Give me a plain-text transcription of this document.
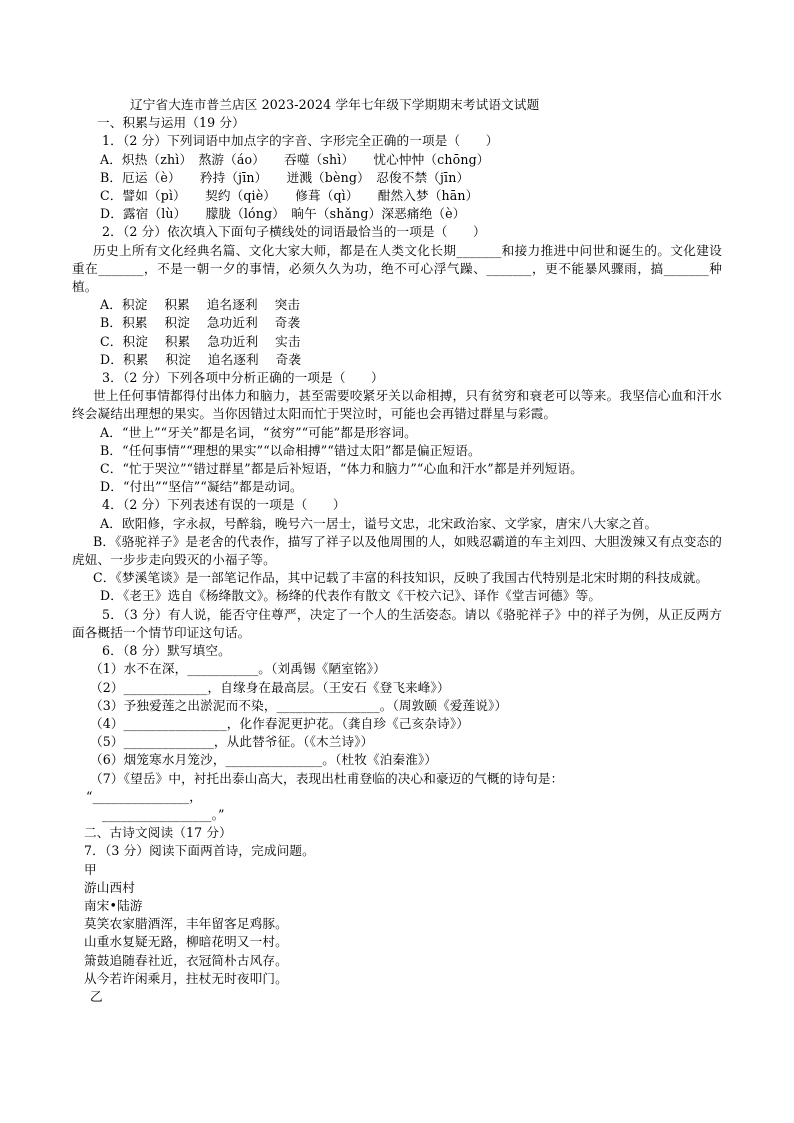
辽宁省大连市普兰店区 2023-2024 学年七年级下学期期末考试语文试题

一、积累与运用（19 分）

1．（2 分）下列词语中加点字的字音、字形完全正确的一项是（　　）

A．炽热（zhì）　熬游（áo）　　吞噬（shì）　　忧心忡忡（chōng）

B．厄运（è）　　矜持（jīn）　　迸溅（bèng）　忍俊不禁（jīn）

C．譬如（pì）　　契约（qiè）　　修葺（qì）　　酣然入梦（hān）

D．露宿（lù）　　朦胧（lóng）　晌午（shǎng）深恶痛绝（è）

2．（2 分）依次填入下面句子横线处的词语最恰当的一项是（　　）

历史上所有文化经典名篇、文化大家大师，都是在人类文化长期_______和接力推进中问世和诞生的。文化建设重在_______，不是一朝一夕的事情，必须久久为功，绝不可心浮气躁、_______，更不能暴风骤雨，搞_______种植。

A．积淀　 积累　 追名逐利　 突击

B．积累　 积淀　 急功近利　 奇袭

C．积淀　 积累　 急功近利　 实击

D．积累　 积淀　 追名逐利　 奇袭

3．（2 分）下列各项中分析正确的一项是（　　）

世上任何事情都得付出体力和脑力，甚至需要咬紧牙关以命相搏，只有贫穷和衰老可以等来。我坚信心血和汗水终会凝结出理想的果实。当你因错过太阳而忙于哭泣时，可能也会再错过群星与彩霞。

A．“世上”“牙关”都是名词，“贫穷”“可能”都是形容词。

B．“任何事情”“理想的果实”“以命相搏”“错过太阳”都是偏正短语。

C．“忙于哭泣”“错过群星”都是后补短语，“体力和脑力”“心血和汗水”都是并列短语。

D．“付出”“坚信”“凝结”都是动词。

4．（2 分）下列表述有误的一项是（　　）

A．欧阳修，字永叔，号醉翁，晚号六一居士，谥号文忠，北宋政治家、文学家，唐宋八大家之首。

B．《骆驼祥子》是老舍的代表作，描写了祥子以及他周围的人，如贱忍霸道的车主刘四、大胆泼辣又有点变态的虎妞、一步步走向毁灭的小福子等。

C．《梦溪笔谈》是一部笔记作品，其中记载了丰富的科技知识，反映了我国古代特别是北宋时期的科技成就。

D．《老王》选自《杨绛散文》。杨绛的代表作有散文《干校六记》、译作《堂吉诃德》等。

5．（3 分）有人说，能否守住尊严，决定了一个人的生活姿态。请以《骆驼祥子》中的祥子为例，从正反两方面各概括一个情节印证这句话。

6．（8 分）默写填空。

（1）水不在深，___________。（刘禹锡《陋室铭》）

（2）_____________，自缘身在最高层。（王安石《登飞来峰》）

（3）予独爱莲之出淤泥而不染，________________。（周敦颐《爱莲说》）

（4）________________，化作春泥更护花。（龚自珍《己亥杂诗》）

（5）______________，从此替爷征。（《木兰诗》）

（6）烟笼寒水月笼沙，_______________。（杜牧《泊秦淮》）

（7）《望岳》中，衬托出泰山高大，表现出杜甫登临的决心和豪迈的气概的诗句是：

“_______________，

_________________。”

二、古诗文阅读（17 分）

7．（3 分）阅读下面两首诗，完成问题。

甲

游山西村

南宋•陆游

莫笑农家腊酒浑，丰年留客足鸡豚。

山重水复疑无路，柳暗花明又一村。

箫鼓追随春社近，衣冠简朴古风存。

从今若许闲乘月，拄杖无时夜叩门。

乙
